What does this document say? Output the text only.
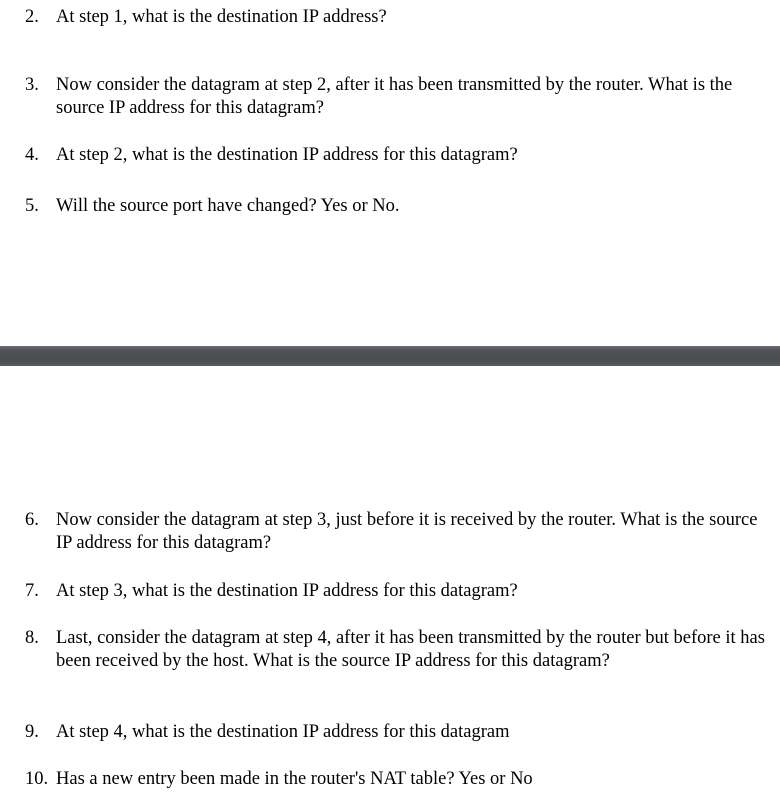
2. At step 1, what is the destination IP address?
3. Now consider the datagram at step 2, after it has been transmitted by the router. What is the source IP address for this datagram?
4. At step 2, what is the destination IP address for this datagram?
5. Will the source port have changed? Yes or No.
6. Now consider the datagram at step 3, just before it is received by the router. What is the source IP address for this datagram?
7. At step 3, what is the destination IP address for this datagram?
8. Last, consider the datagram at step 4, after it has been transmitted by the router but before it has been received by the host. What is the source IP address for this datagram?
9. At step 4, what is the destination IP address for this datagram
10. Has a new entry been made in the router's NAT table? Yes or No
